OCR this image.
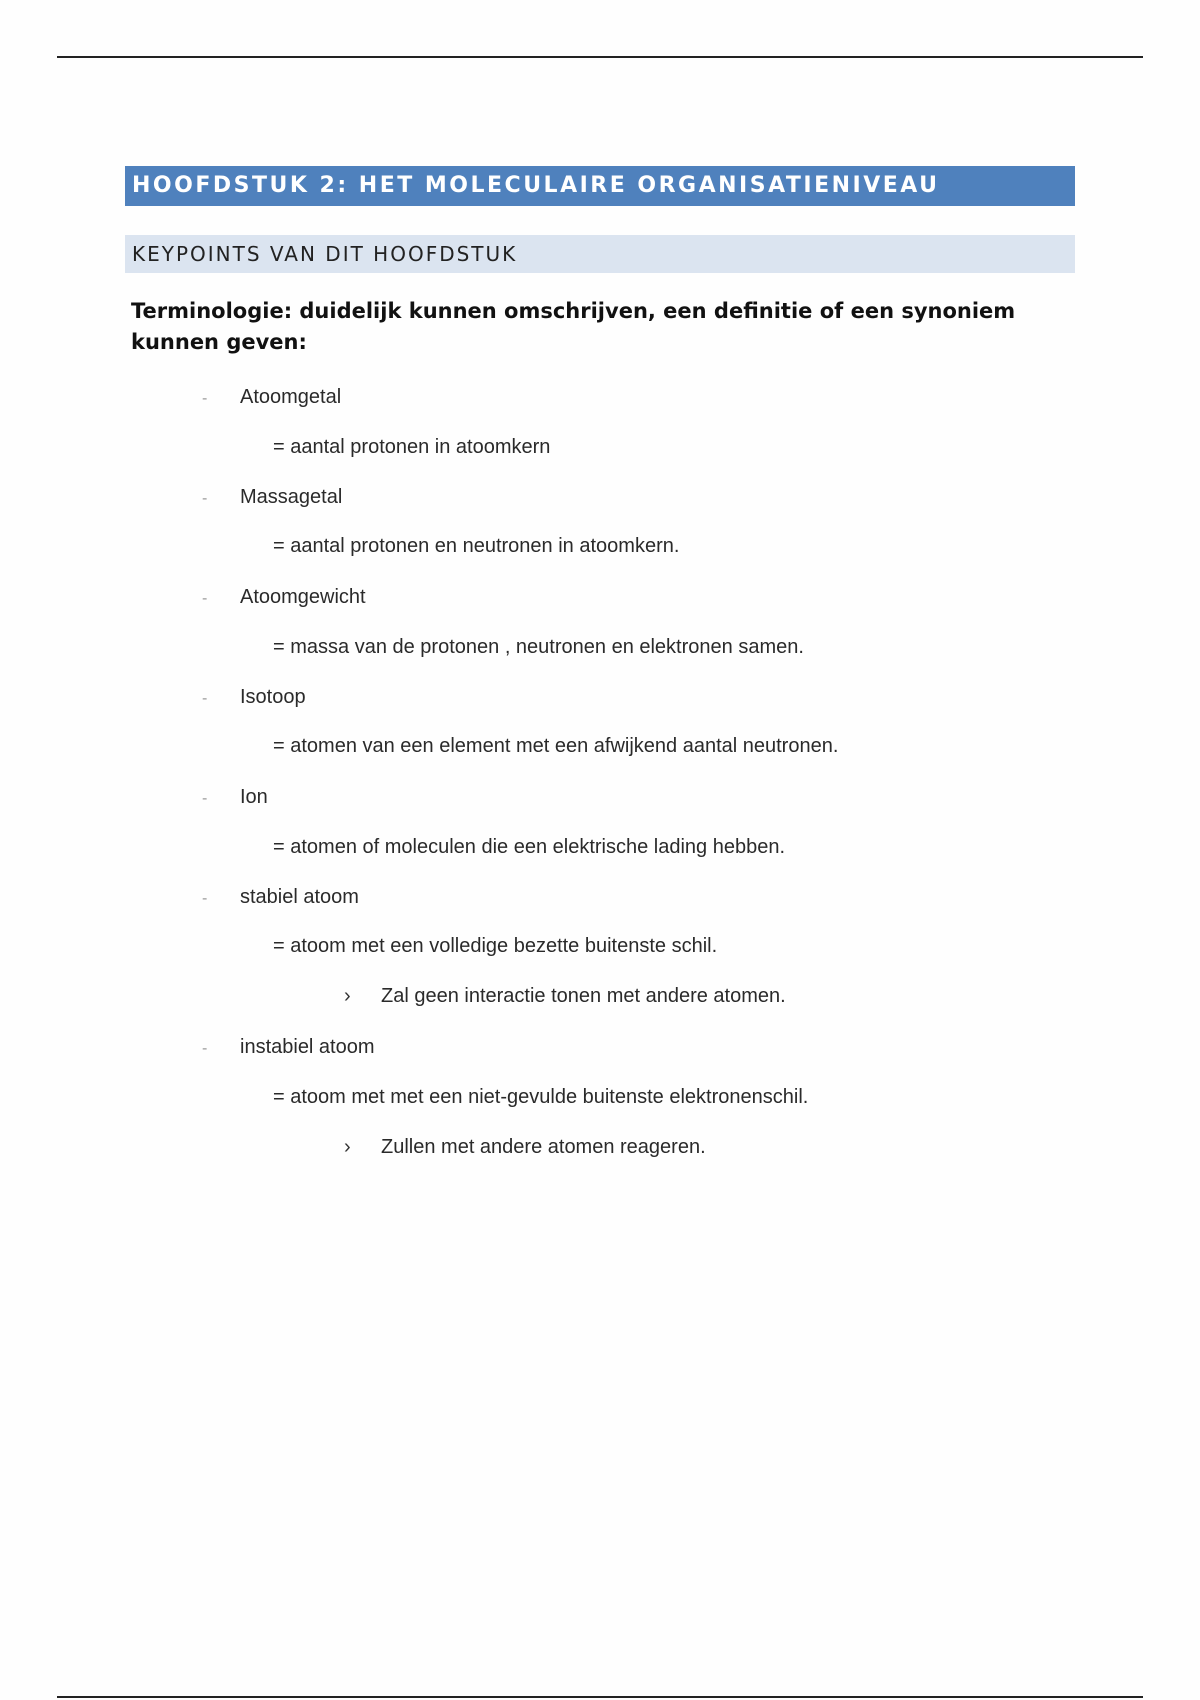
HOOFDSTUK 2: HET MOLECULAIRE ORGANISATIENIVEAU
KEYPOINTS VAN DIT HOOFDSTUK
Terminologie: duidelijk kunnen omschrijven, een definitie of een synoniem kunnen geven:
- Atoomgetal
= aantal protonen in atoomkern
- Massagetal
= aantal protonen en neutronen in atoomkern.
- Atoomgewicht
= massa van de protonen , neutronen en elektronen samen.
- Isotoop
= atomen van een element met een afwijkend aantal neutronen.
- Ion
= atomen of moleculen die een elektrische lading hebben.
- stabiel atoom
= atoom met een volledige bezette buitenste schil.
› Zal geen interactie tonen met andere atomen.
- instabiel atoom
= atoom met met een niet-gevulde buitenste elektronenschil.
› Zullen met andere atomen reageren.
